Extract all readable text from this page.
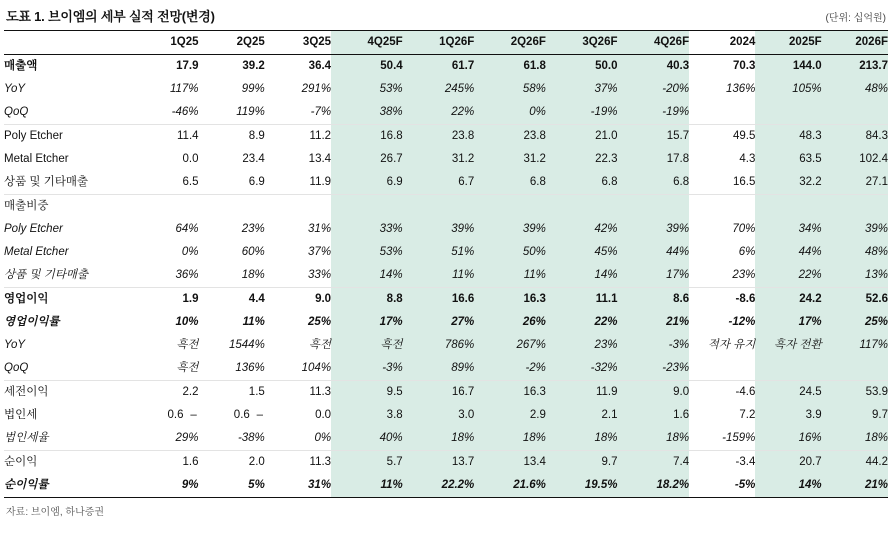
도표 1. 브이엠의 세부 실적 전망(변경)	(단위: 십억원)
	1Q25	2Q25	3Q25	4Q25F	1Q26F	2Q26F	3Q26F	4Q26F	2024	2025F	2026F
매출액	17.9	39.2	36.4	50.4	61.7	61.8	50.0	40.3	70.3	144.0	213.7
YoY	117%	99%	291%	53%	245%	58%	37%	-20%	136%	105%	48%
QoQ	-46%	119%	-7%	38%	22%	0%	-19%	-19%			
Poly Etcher	11.4	8.9	11.2	16.8	23.8	23.8	21.0	15.7	49.5	48.3	84.3
Metal Etcher	0.0	23.4	13.4	26.7	31.2	31.2	22.3	17.8	4.3	63.5	102.4
상품 및 기타매출	6.5	6.9	11.9	6.9	6.7	6.8	6.8	6.8	16.5	32.2	27.1
매출비중											
Poly Etcher	64%	23%	31%	33%	39%	39%	42%	39%	70%	34%	39%
Metal Etcher	0%	60%	37%	53%	51%	50%	45%	44%	6%	44%	48%
상품 및 기타매출	36%	18%	33%	14%	11%	11%	14%	17%	23%	22%	13%
영업이익	1.9	4.4	9.0	8.8	16.6	16.3	11.1	8.6	-8.6	24.2	52.6
영업이익률	10%	11%	25%	17%	27%	26%	22%	21%	-12%	17%	25%
YoY	흑전	1544%	흑전	흑전	786%	267%	23%	-3%	적자 유지	흑자 전환	117%
QoQ	흑전	136%	104%	-3%	89%	-2%	-32%	-23%			
세전이익	2.2	1.5	11.3	9.5	16.7	16.3	11.9	9.0	-4.6	24.5	53.9
법인세	0.6 –	0.6 –	0.0	3.8	3.0	2.9	2.1	1.6	7.2	3.9	9.7
법인세율	29%	-38%	0%	40%	18%	18%	18%	18%	-159%	16%	18%
순이익	1.6	2.0	11.3	5.7	13.7	13.4	9.7	7.4	-3.4	20.7	44.2
순이익률	9%	5%	31%	11%	22.2%	21.6%	19.5%	18.2%	-5%	14%	21%
자료: 브이엠, 하나증권
